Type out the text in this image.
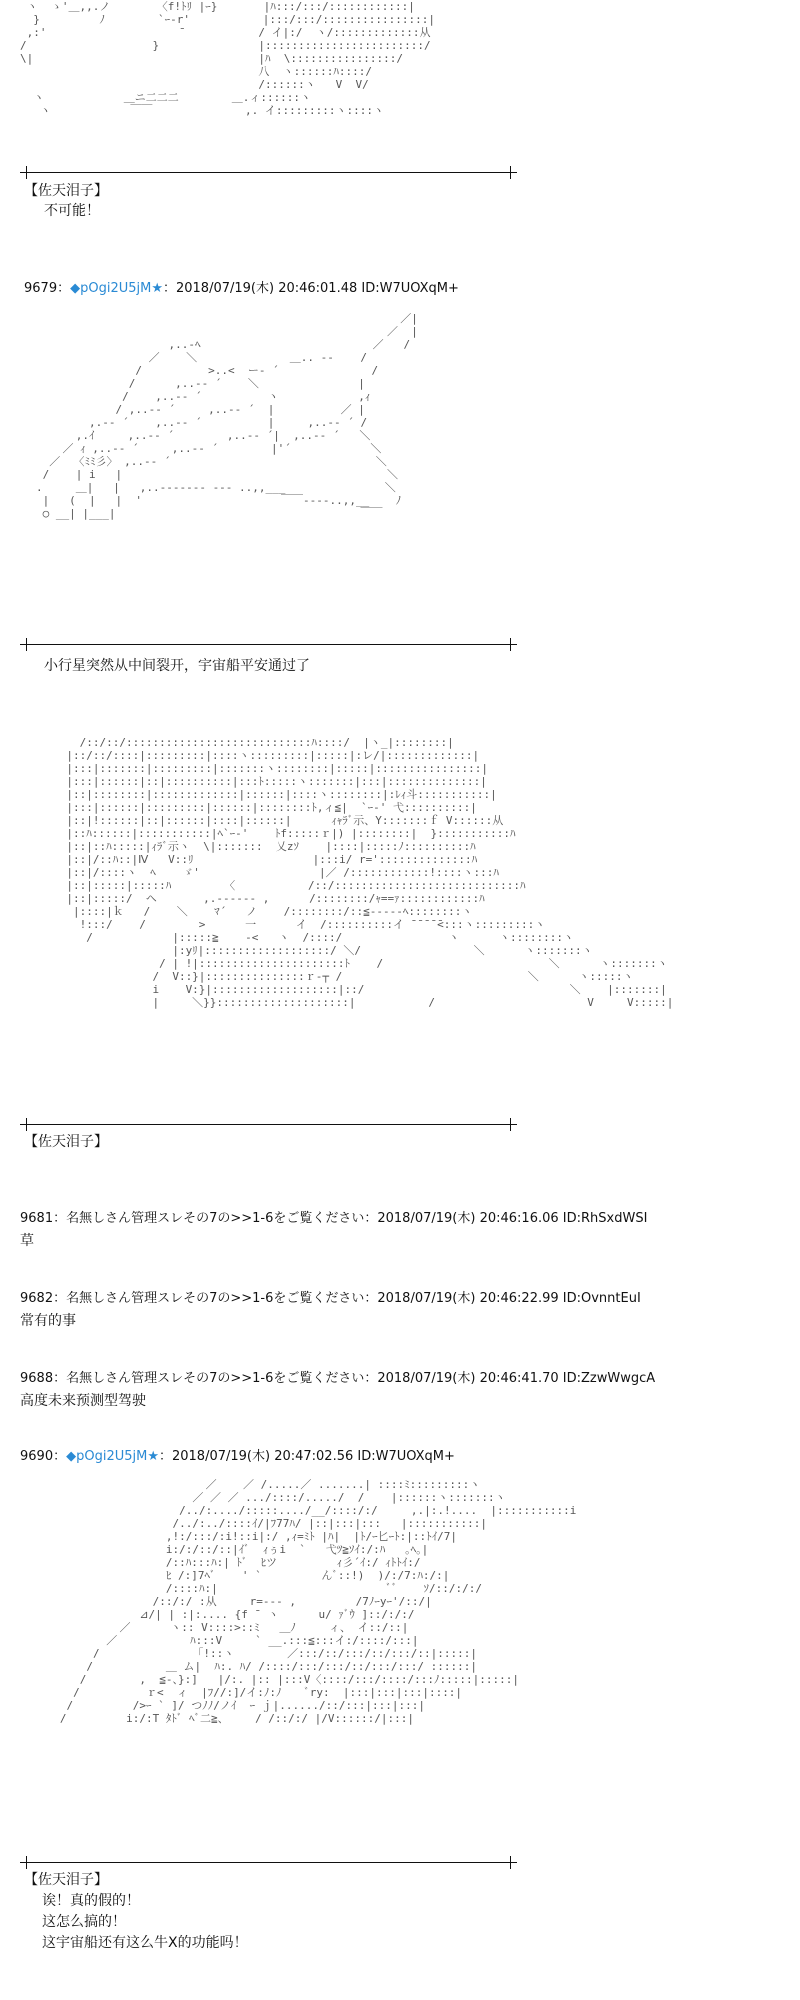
ヽ  ゝ'＿,,.ノ       〈f!ﾄﾘ |ｰ}       |ﾊ:::/:::/::::::::::::|
}         ﾉ        `ｰ-r'           |:::/:::/::::::::::::::::|
,:'                    ̄            / イ|:/  ヽ/:::::::::::::从
/                   }               |::::::::::::::::::::::::/
\|                                  |ﾊ  \::::::::::::::::/
八  ヽ::::::ﾊ::::/
/::::::ヽ   V  V/
ヽ            ＿ニ二二二        ＿.ィ::::::ヽ
ヽ            ￣￣              ,. イ:::::::::ヽ::::ヽ
【佐天泪子】
不可能！
9679：◆pOgi2U5jM★：2018/07/19(木) 20:46:01.48 ID:W7UOXqM+
／|
／  |
,..-ﾍ                          ／   /
／    ＼              ＿.. -‐    /
/          >..<  ー‐ ´              /
/      ,..-‐ ´    ＼               |
/    ,..-‐ ´          ヽ            ,ｨ
/ ,..-‐ ´     ,..-‐ ´  |          ／ |
,.-‐ ´    ,..-‐ ´          |     ,..-‐ ´ /
,.ｲ     ,..-‐ ´        ,..-‐ ´|  ,..-‐ ´   ＼
／ ｨ ,..-‐ ´     ,..-‐ ´        |'´            ＼
／  〈ﾐﾐ彡〉 ,..-‐ ´                               ＼
/    | i   |                                        ＼
.     ＿|   |   ,..--‐‐‐‐‐ ‐‐‐ ..,,___               ＼
|   (  |   |  '                     ￣￣‐‐‐‐..,,__    ﾉ
○ __| |___|                                     ￣￣
小行星突然从中间裂开，宇宙船平安通过了
/::/::/::::::::::::::::::::::::::::ﾊ::::/  |ヽ_|::::::::|
|::/::/::::|:::::::::|::::ヽ:::::::::|:::::|:レ/|:::::::::::::|
|:::|:::::::|:::::::::|:::::::ヽ::::::::|:::::|::::::::::::::::|
|:::|::::::|::|::::::::::|:::ﾄ:::::ヽ:::::::|:::|::::::::::::::|
|::|::::::::|:::::::::::::|::::::|::::ヽ::::::::|:ﾚｨ斗:::::::::::|
|:::|::::::|:::::::::|::::::|::::::::ﾄ,ィ≦|  `ｰ-' 弋::::::::::|
|::|!::::::|::|::::::|::::|::::::|      ｨｬﾗﾞ示、Y:::::::ｆ V::::::从
|::ﾊ::::::|:::::::::::|ﾍ`ｰ-'    ﾄf:::::ｒ|) |::::::::|  }:::::::::::ﾊ
|::|::ﾊ:::::|ｨﾗﾞ示ヽ  \|:::::::  乂zｿ    |::::|:::::ﾉ::::::::::ﾊ
|::|/::ﾊ::|Ⅳ   V::ﾘ                  |:::i/ r='::::::::::::::ﾊ
|::|/::::ヽ  ﾍ    ゞ'                  |／ /::::::::::::!::::ヽ:::ﾊ
|::|:::::|:::::ﾊ        〈           /::/::::::::::::::::::::::::::::ﾊ
|::|:::::/  ヘ       ,.--‐--‐ ,      /::::::::/ｬ==ｧ::::::::::::ﾊ
|::::|ｋ   /    ＼    ﾏ´   ノ    /::::::::/::≦‐‐‐‐-ﾍ::::::::ヽ
!:::/    /        >      一      イ  /::::::::::イ ̄ ̄ ̄ ̄ ̄<:::ヽ:::::::::ヽ
/            |:::::≧    -<   ヽ  /::::/                ヽ      ヽ::::::::ヽ
|:yﾘ|:::::::::::::::::::/ ＼/                 ＼      ヽ:::::::ヽ
/ | !|::::::::::::::::::::::ﾄ    /                         ＼      ヽ:::::::ヽ
/  V::}|:::::::::::::::ｒ‐┬ /                            ＼      ヽ:::::ヽ
i    V:}|:::::::::::::::::::|::/                               ＼    |:::::::|
|     ＼}}::::::::::::::::::::|           /                       V     V:::::|
【佐天泪子】
9681：名無しさん管理スレその7の>>1-6をご覧ください：2018/07/19(木) 20:46:16.06 ID:RhSxdWSI
草
9682：名無しさん管理スレその7の>>1-6をご覧ください：2018/07/19(木) 20:46:22.99 ID:OvnntEuI
常有的事
9688：名無しさん管理スレその7の>>1-6をご覧ください：2018/07/19(木) 20:46:41.70 ID:ZzwWwgcA
高度未来预测型驾驶
9690：◆pOgi2U5jM★：2018/07/19(木) 20:47:02.56 ID:W7UOXqM+
／    ／ /.....／ .......| ::::ﾐ:::::::::ヽ
／ ／ ／ .../::::/...../  /    |::::::ヽ:::::::ヽ
/../:..../:::::..../__/::::/:/     ,.|:.!....  |:::::::::::i
/../:../::::ｲ/|ﾌ77ﾊ/ |::|:::|:::   |:::::::::::|
,!:/:::/:i!::i|:/ ,ｨ=ﾐﾄ |ﾊ|  |ﾄ/ｰ匕ｰﾄ:|::ﾄｲ/7|
i:/:/::/::|ｲﾞ  ｨぅi  `   弋ﾂ≧ｿｲ:/:ﾊ   ｡ﾍ｡|
/::ﾊ:::ﾊ:| ﾄﾞ  ﾋツ         ｨ彡´ｲ:/ ｨﾄﾄｲ:/
ﾋ /:]7ﾍﾞ    ' `         んﾞ::!)  )/:/7:ﾊ:/:|
/::::ﾊ:|                          ﾞﾞ    ｿ/::/:/:/
/::/:/ :从     r=--‐ ,         /7ﾉｰyｰ'/::/|
⊿/| | :|:.... {f ̄  ヽ      u/ ｧﾞｳ ]::/:/:/
／      ヽ:: V::::>::ﾐ   ＿ﾉ     ィ、 イ::/::|
／           ﾊ:::V     ` __.:::≦:::イ:/::::/:::|
/              「!::ヽ        ／:::/::/:::/::/:::/::|:::::|
/           ＿ ム|  ﾊ:. ﾊ/ /::::/:::/:::/::/:::/:::/ ::::::|
/        ,  ≦-、}:]   |/:. |:: |:::V〈::::/:::/::::/:::ﾉ:::::|:::::|
/          ｒ<  ィ  |ﾌ//:]/イ:ﾉ:ﾉ    ﾞry:  |:::|:::|:::|::::|
/         />ｰ ` ]/ つﾉﾉ/ノｲ  ｰ ｊ|....../::/:::|:::|:::|
/         i:/:Τ ﾀﾄﾞ ﾍﾞ二≧、    / /::/:/ |/V::::::/|:::|
【佐天泪子】
诶！真的假的！
这怎么搞的！
这宇宙船还有这么牛X的功能吗！
